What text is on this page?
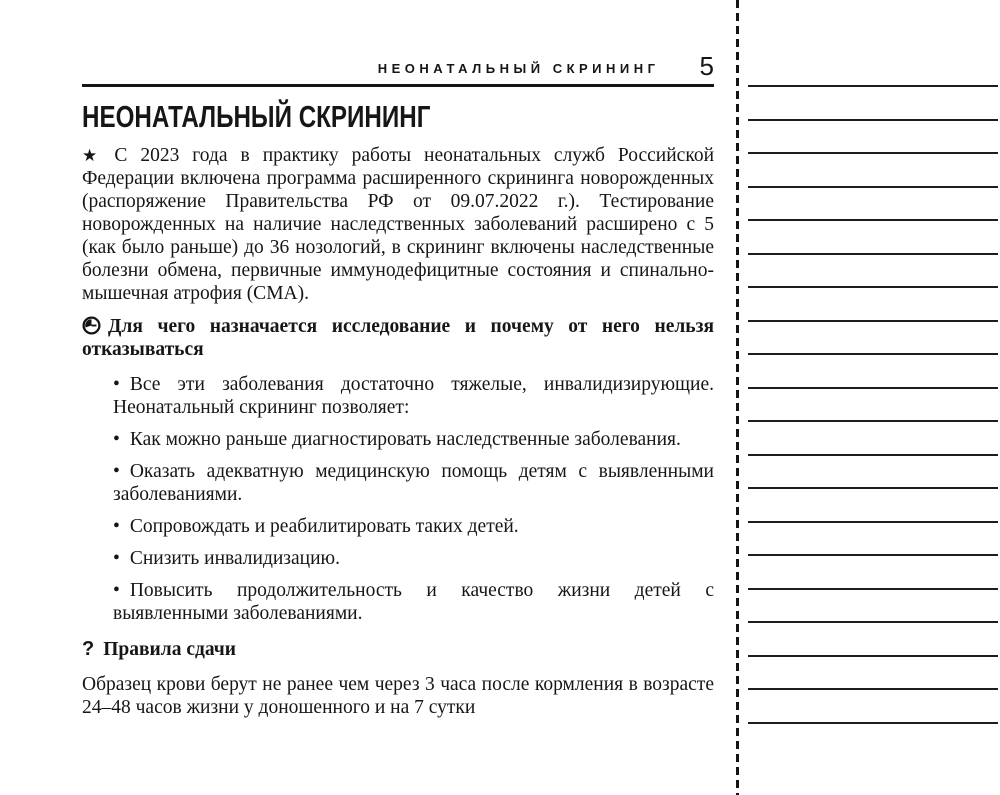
НЕОНАТАЛЬНЫЙ СКРИНИНГ 5
НЕОНАТАЛЬНЫЙ СКРИНИНГ

★ С 2023 года в практику работы неонатальных служб Российской Федерации включена программа расширенного скрининга новорожденных (распоряжение Правительства РФ от 09.07.2022 г.). Тестирование новорожденных на наличие наследственных заболеваний расширено с 5 (как было раньше) до 36 нозологий, в скрининг включены наследственные болезни обмена, первичные иммунодефицитные состояния и спинально-мышечная атрофия (СМА).

Для чего назначается исследование и почему от него нельзя отказываться

• Все эти заболевания достаточно тяжелые, инвалидизирующие. Неонатальный скрининг позволяет:
• Как можно раньше диагностировать наследственные заболевания.
• Оказать адекватную медицинскую помощь детям с выявленными заболеваниями.
• Сопровождать и реабилитировать таких детей.
• Снизить инвалидизацию.
• Повысить продолжительность и качество жизни детей с выявленными заболеваниями.

? Правила сдачи

Образец крови берут не ранее чем через 3 часа после кормления в возрасте 24–48 часов жизни у доношенного и на 7 сутки
